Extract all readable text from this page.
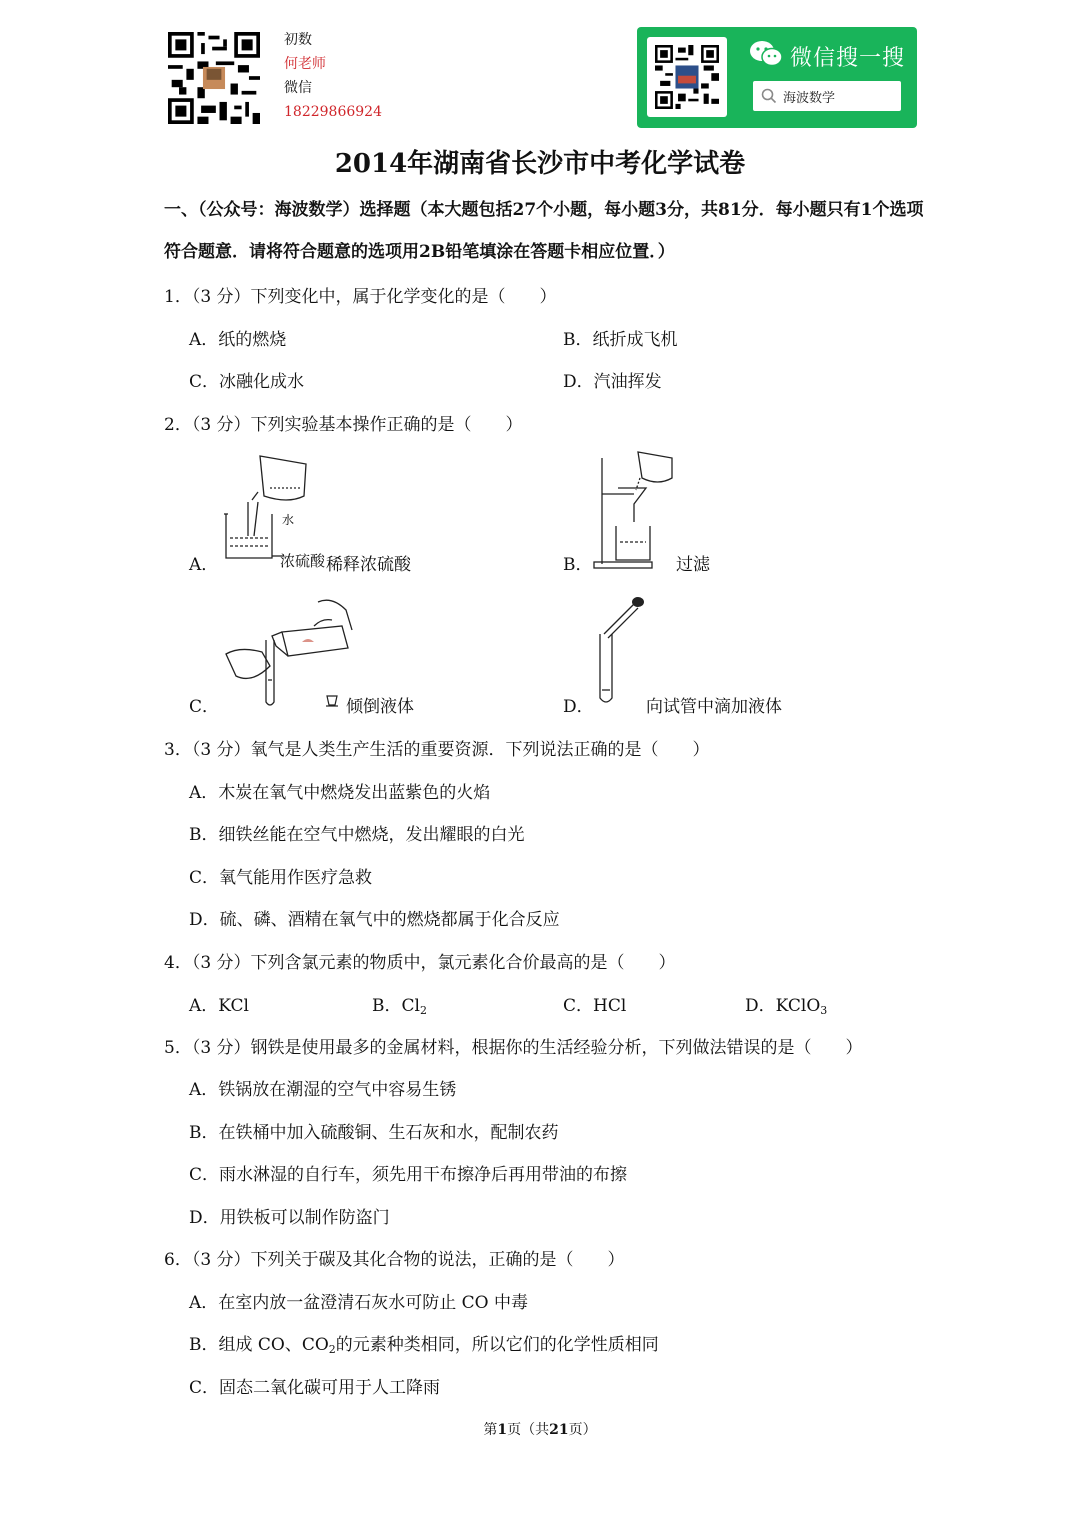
初数
何老师
微信
18229866924
微信搜一搜
海波数学
2014年湖南省长沙市中考化学试卷
一、（公众号：海波数学）选择题（本大题包括27个小题，每小题3分，共81分．每小题只有1个选项符合题意．请将符合题意的选项用2B铅笔填涂在答题卡相应位置．）
1．（3 分）下列变化中，属于化学变化的是（　　）
A．纸的燃烧	B．纸折成飞机
C．冰融化成水	D．汽油挥发
2．（3 分）下列实验基本操作正确的是（　　）
水
A．	浓硫酸 稀释浓硫酸	B．	过滤
C．	倾倒液体	D．	向试管中滴加液体
3．（3 分）氧气是人类生产生活的重要资源．下列说法正确的是（　　）
A．木炭在氧气中燃烧发出蓝紫色的火焰
B．细铁丝能在空气中燃烧，发出耀眼的白光
C．氧气能用作医疗急救
D．硫、磷、酒精在氧气中的燃烧都属于化合反应
4．（3 分）下列含氯元素的物质中，氯元素化合价最高的是（　　）
A．KCl	B．$Cl_2$	C．HCl	D．KClO$_3$
5．（3 分）钢铁是使用最多的金属材料，根据你的生活经验分析，下列做法错误的是（　　）
A．铁锅放在潮湿的空气中容易生锈
B．在铁桶中加入硫酸铜、生石灰和水，配制农药
C．雨水淋湿的自行车，须先用干布擦净后再用带油的布擦
D．用铁板可以制作防盗门
6．（3 分）下列关于碳及其化合物的说法，正确的是（　　）
A．在室内放一盆澄清石灰水可防止 CO 中毒
B．组成 CO、$CO_2$的元素种类相同，所以它们的化学性质相同
C．固态二氧化碳可用于人工降雨
第1页（共21页）
